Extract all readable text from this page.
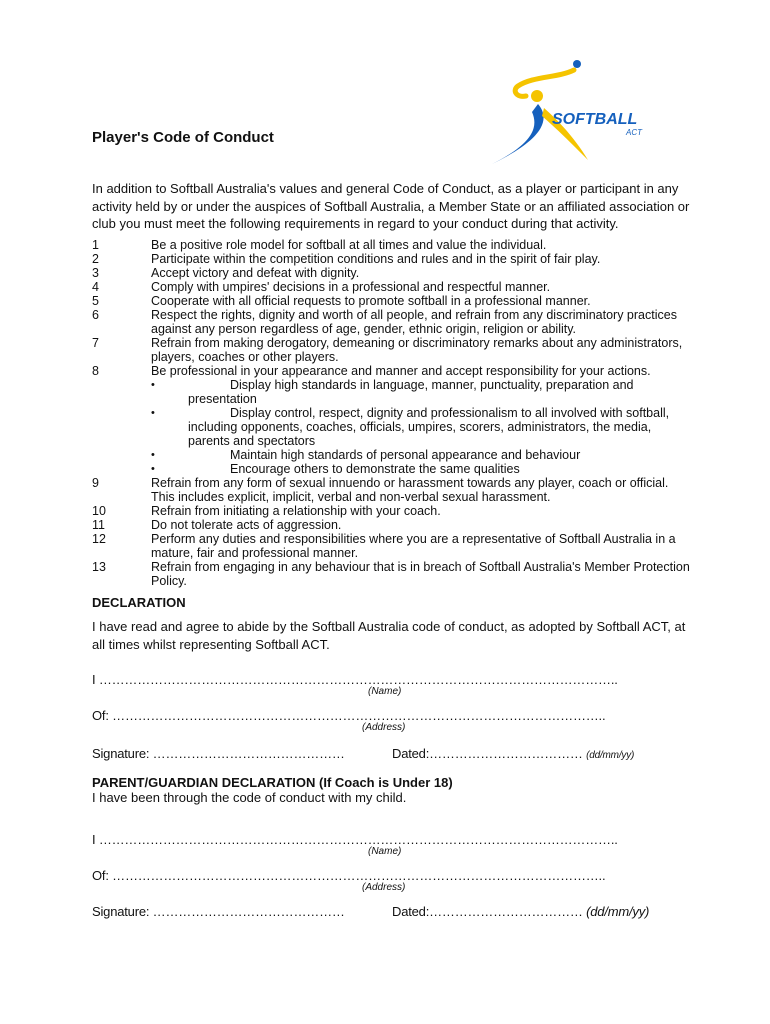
SOFTBALL
ACT
Player's Code of Conduct
In addition to Softball Australia's values and general Code of Conduct, as a player or participant in any activity held by or under the auspices of Softball Australia, a Member State or an affiliated association or club you must meet the following requirements in regard to your conduct during that activity.
1	Be a positive role model for softball at all times and value the individual.
2	Participate within the competition conditions and rules and in the spirit of fair play.
3	Accept victory and defeat with dignity.
4	Comply with umpires' decisions in a professional and respectful manner.
5	Cooperate with all official requests to promote softball in a professional manner.
6	Respect the rights, dignity and worth of all people, and refrain from any discriminatory practices against any person regardless of age, gender, ethnic origin, religion or ability.
7	Refrain from making derogatory, demeaning or discriminatory remarks about any administrators, players, coaches or other players.
8	Be professional in your appearance and manner and accept responsibility for your actions.
•	Display high standards in language, manner, punctuality, preparation and presentation
•	Display control, respect, dignity and professionalism to all involved with softball, including opponents, coaches, officials, umpires, scorers, administrators, the media, parents and spectators
•	Maintain high standards of personal appearance and behaviour
•	Encourage others to demonstrate the same qualities
9	Refrain from any form of sexual innuendo or harassment towards any player, coach or official. This includes explicit, implicit, verbal and non-verbal sexual harassment.
10	Refrain from initiating a relationship with your coach.
11	Do not tolerate acts of aggression.
12	Perform any duties and responsibilities where you are a representative of Softball Australia in a mature, fair and professional manner.
13	Refrain from engaging in any behaviour that is in breach of Softball Australia's Member Protection Policy.
DECLARATION
I have read and agree to abide by the Softball Australia code of conduct, as adopted by Softball ACT, at all times whilst representing Softball ACT.
I …………………………………………………………………………………………………………..
(Name)
Of: ……………………………………………………………………………………………………..
(Address)
Signature: ………………………………………	Dated:……………………………… (dd/mm/yy)
PARENT/GUARDIAN DECLARATION (If Coach is Under 18)
I have been through the code of conduct with my child.
I …………………………………………………………………………………………………………..
(Name)
Of: ……………………………………………………………………………………………………..
(Address)
Signature: ………………………………………	Dated:……………………………… (dd/mm/yy)
